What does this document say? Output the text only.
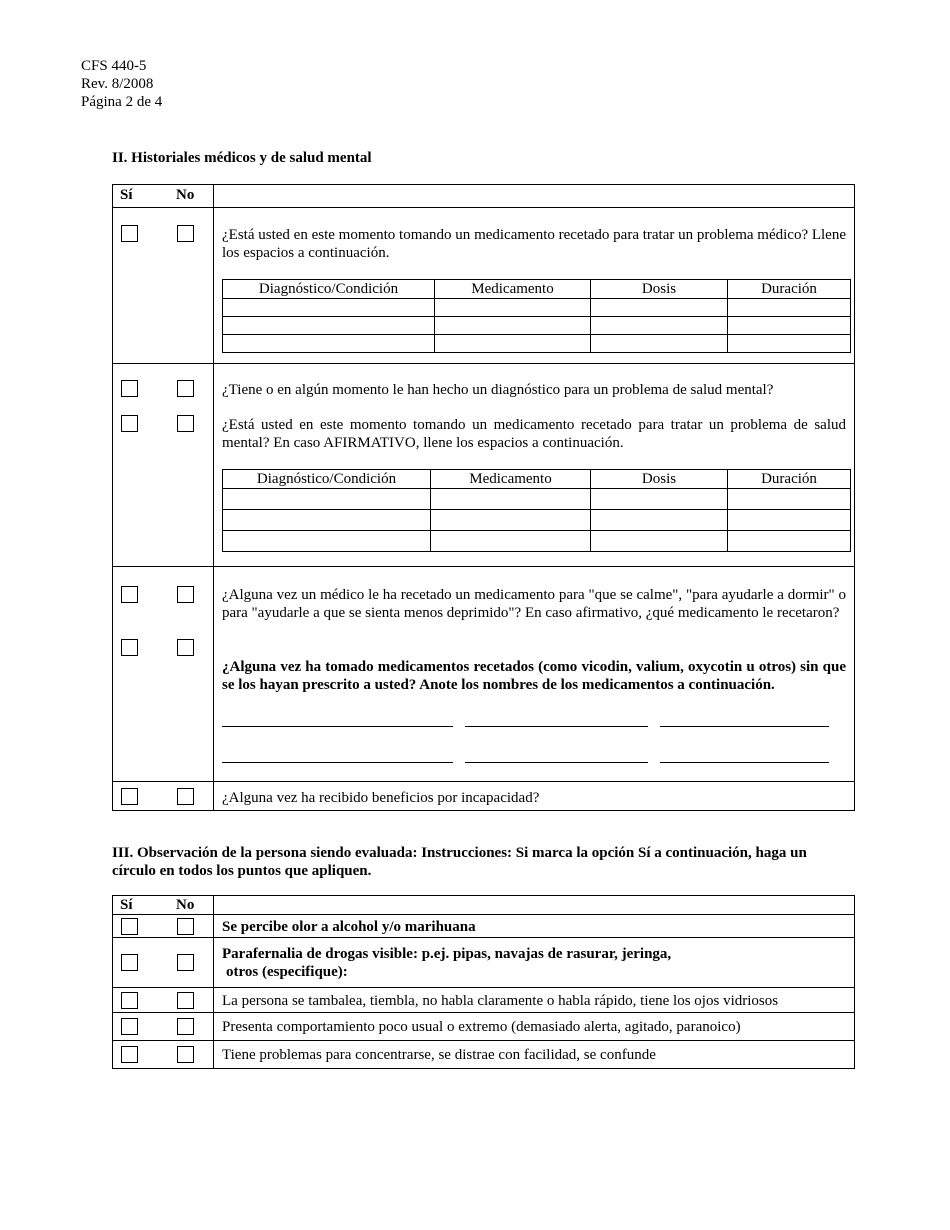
CFS 440-5
Rev. 8/2008
Página 2 de 4
II. Historiales médicos y de salud mental
Sí	No
¿Está usted en este momento tomando un medicamento recetado para tratar un problema médico? Llene los espacios a continuación.
Diagnóstico/Condición	Medicamento	Dosis	Duración

¿Tiene o en algún momento le han hecho un diagnóstico para un problema de salud mental?
¿Está usted en este momento tomando un medicamento recetado para tratar un problema de salud mental? En caso AFIRMATIVO, llene los espacios a continuación.
Diagnóstico/Condición	Medicamento	Dosis	Duración

¿Alguna vez un médico le ha recetado un medicamento para "que se calme", "para ayudarle a dormir" o para "ayudarle a que se sienta menos deprimido"? En caso afirmativo, ¿qué medicamento le recetaron?
¿Alguna vez ha tomado medicamentos recetados (como vicodin, valium, oxycotin u otros) sin que se los hayan prescrito a usted? Anote los nombres de los medicamentos a continuación.
¿Alguna vez ha recibido beneficios por incapacidad?
III. Observación de la persona siendo evaluada: Instrucciones: Si marca la opción Sí a continuación, haga un círculo en todos los puntos que apliquen.
Sí	No
Se percibe olor a alcohol y/o marihuana
Parafernalia de drogas visible: p.ej. pipas, navajas de rasurar, jeringa,
otros (especifique):
La persona se tambalea, tiembla, no habla claramente o habla rápido, tiene los ojos vidriosos
Presenta comportamiento poco usual o extremo (demasiado alerta, agitado, paranoico)
Tiene problemas para concentrarse, se distrae con facilidad, se confunde
